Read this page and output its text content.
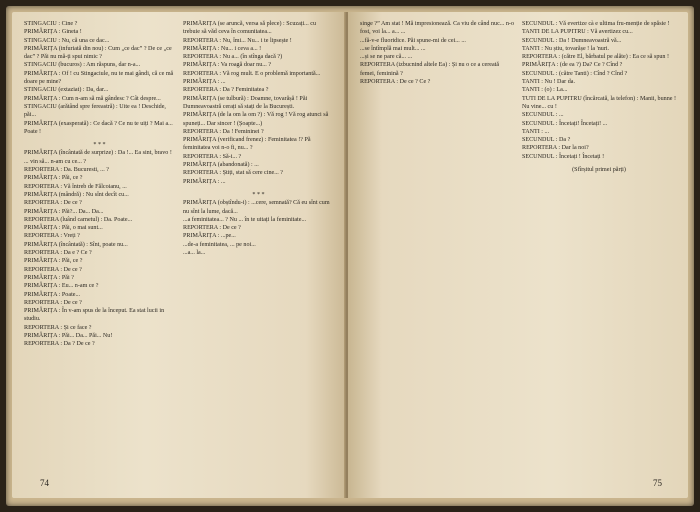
STINGACIU : Cine ?

PRIMĂRIȚA : Gineta !

STINGACIU : Nu, că una ce dac...

PRIMĂRIȚA (infuriată din nou) : Cum „ce dac” ? De ce „ce dac” ? Păi nu mă-ți spui nimic ?

STINGACIU (bucuros) : Am răspuns, dar n-a...

PRIMĂRIȚA : Of ! cu Stingaciule, nu te mai gândi, că ce mă doare pe mine?

STINGACIU (extaziat) : Da, dar...

PRIMĂRIȚA : Cum n-am să mă gândesc ? Cât despre...

STINGACIU (arătând spre fereastră) : Uite ea ! Deschide, păi...

PRIMĂRIȚA (exasperată) : Ce dacă ? Ce nu te uiți ? Mai a... Poate !

* * *

PRIMĂRIȚA (încântată de surprize) : Da !... Ea sint, bravo ! ... vin să... n-am cu ce... ?

REPORTERA : Da. Bucuresti, ... ?

PRIMĂRIȚA : Păi, ce ?

REPORTERA : Vă întreb de Fălcoianu, ...

PRIMĂRIȚA (mândră) : Nu sînt decît cu...

REPORTERA : De ce ?

PRIMĂRIȚA : Păi?... Da... Da...

REPORTERA (luând carnetul) : Da. Poate...

PRIMĂRIȚA : Păi, o mai sunt...

REPORTERA : Vreți ?

PRIMĂRIȚA (încântată) : Sînt, poate nu...

REPORTERA : Da e ? Ce ?

PRIMĂRIȚA : Păi, ce ?

REPORTERA : De ce ?

PRIMĂRIȚA : Păi ?

PRIMĂRIȚA : Eu... n-am ce ?

PRIMĂRIȚA : Poate...

REPORTERA : De ce ?

PRIMĂRIȚA : În v-am spus de la început. Ea stat lucii in studiu.

REPORTERA : Și ce face ?

PRIMĂRIȚA : Păi... Da... Păi... Nu!

REPORTERA : Da ? De ce ?

PRIMĂRIȚA (se aruncă, versa să plece) : Scuzați... cu trebuie să văd ceva în comunitatea...

REPORTERA : Nu, îmi... Nu... i te lipsește !

PRIMĂRIȚA : Nu... i ceva a... !

REPORTERA : Nu a... (în stînga dacă ?)

PRIMĂRIȚA : Va roagă doar nu... ?

REPORTERA : Vă rog mult. E o problemă importantă...

PRIMĂRIȚA : ...

REPORTERA : Da ? Feminitatea ?

PRIMĂRIȚA (se tulbură) : Doamne, tovarășă ! Păi Dumneavoastră cerați să stați de la București.

PRIMĂRIȚA (de la om la om ?) : Vă rog ! Vă rog atunci să spuneți... Dar sincer ! (Șoapte...)

REPORTERA : Da ! Femininei ?

PRIMĂRIȚA (verificand frenez) : Feminitatea !? Pă feminitatea voi n-o fi, nu... ?

REPORTERA : Să-i... ?

PRIMĂRIȚA (abandonată) : ...

REPORTERA : Știți, stat să cere cine... ?

PRIMĂRIȚA : ...

* * *

PRIMĂRIȚA (obștîndu-i) : ...cere, semnată? Că eu sînt cum nu sînt la lume, dacă...

...a feminitatea... ? Nu ... în te uitați la feminitate...

REPORTERA : De ce ?

PRIMĂRIȚA : ...pe...

...de-a feminitatea, ... pe noi...

...a... la...

74

singe ?” Am stat ! Mă impresionează. Ca viu de când nuc... n-o fost, voi la... a... ...

...fă-v-e fluoridice. Păi spune-mi de cei... ...

...se întîmplă mai mult... ...

...și se ne pare că... ...

REPORTERA (izbucnind altele Ea) : Și nu o ce a cereată femei, feminină ?

REPORTERA : De ce ? Ce ?

SECUNDUL : Vă evertize cà e ultima fru-menție de spăsie !

TANTI DE LA PUPITRU : Vă avertizez cu...

SECUNDUL : Da ! Dumneavoastră vă...

TANTI : Nu știu, tovarășe ! la 'nuri.

REPORTERA : (către El, bărbatul pe alăte) : Ea ce să spun !

PRIMĂRIȚA : (de ea ?) Da? Ce ? Cînd ?

SECUNDUL : (către Tanti) : Cînd ? Cînd ?

TANTI : Nu ! Dar da.

TANTI : (o) : La...

TUTI DE LA PUPITRU (încărcată, la telefon) : Manii, bunne ! Nu vine... cu !

SECUNDUL : ...

SECUNDUL : Încetați! Încetați! ...

TANTI : ...

SECUNDUL : Da ?

REPORTERA : Dar la noi?

SECUNDUL : Încetați ! Încetați !

(Sfîrșitul primei părți)

75
